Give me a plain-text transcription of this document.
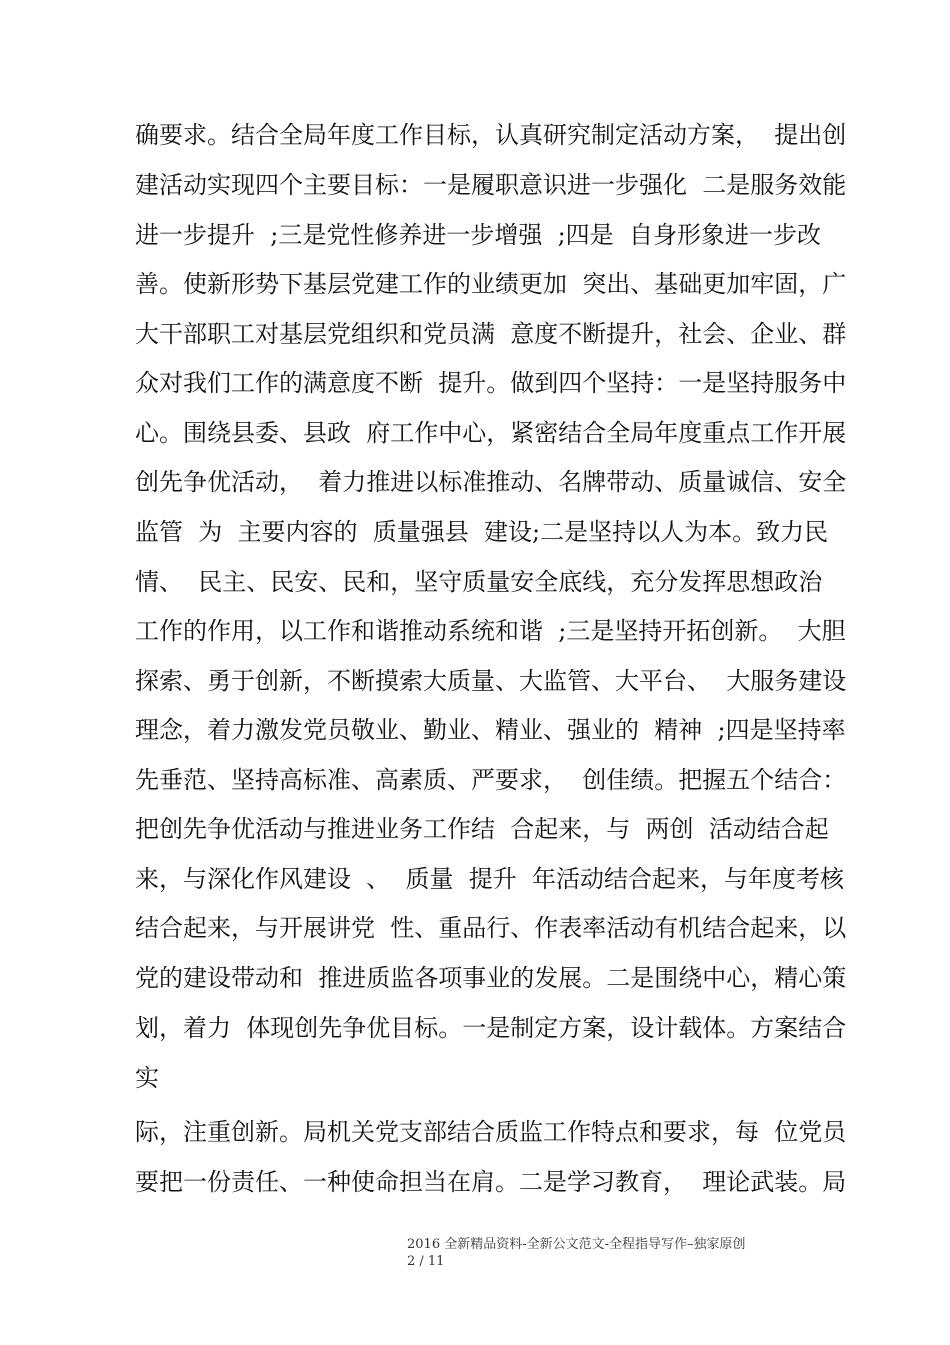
确要求。结合全局年度工作目标，认真研究制定活动方案，  提出创
建活动实现四个主要目标：一是履职意识进一步强化  二是服务效能
进一步提升  ;三是党性修养进一步增强  ;四是  自身形象进一步改
善。使新形势下基层党建工作的业绩更加  突出、基础更加牢固，广
大干部职工对基层党组织和党员满  意度不断提升，社会、企业、群
众对我们工作的满意度不断  提升。做到四个坚持：一是坚持服务中
心。围绕县委、县政  府工作中心，紧密结合全局年度重点工作开展
创先争优活动，  着力推进以标准推动、名牌带动、质量诚信、安全
监管  为  主要内容的  质量强县  建设;二是坚持以人为本。致力民
情、  民主、民安、民和，坚守质量安全底线，充分发挥思想政治
工作的作用，以工作和谐推动系统和谐  ;三是坚持开拓创新。  大胆
探索、勇于创新，不断摸索大质量、大监管、大平台、  大服务建设
理念，着力激发党员敬业、勤业、精业、强业的  精神  ;四是坚持率
先垂范、坚持高标准、高素质、严要求，  创佳绩。把握五个结合：
把创先争优活动与推进业务工作结  合起来，与  两创  活动结合起
来，与深化作风建设  、  质量  提升  年活动结合起来，与年度考核
结合起来，与开展讲党  性、重品行、作表率活动有机结合起来，以
党的建设带动和  推进质监各项事业的发展。二是围绕中心，精心策
划，着力  体现创先争优目标。一是制定方案，设计载体。方案结合
实
际，注重创新。局机关党支部结合质监工作特点和要求，每  位党员
要把一份责任、一种使命担当在肩。二是学习教育，  理论武装。局
2016 全新精品资料-全新公文范文-全程指导写作–独家原创
2 / 11
